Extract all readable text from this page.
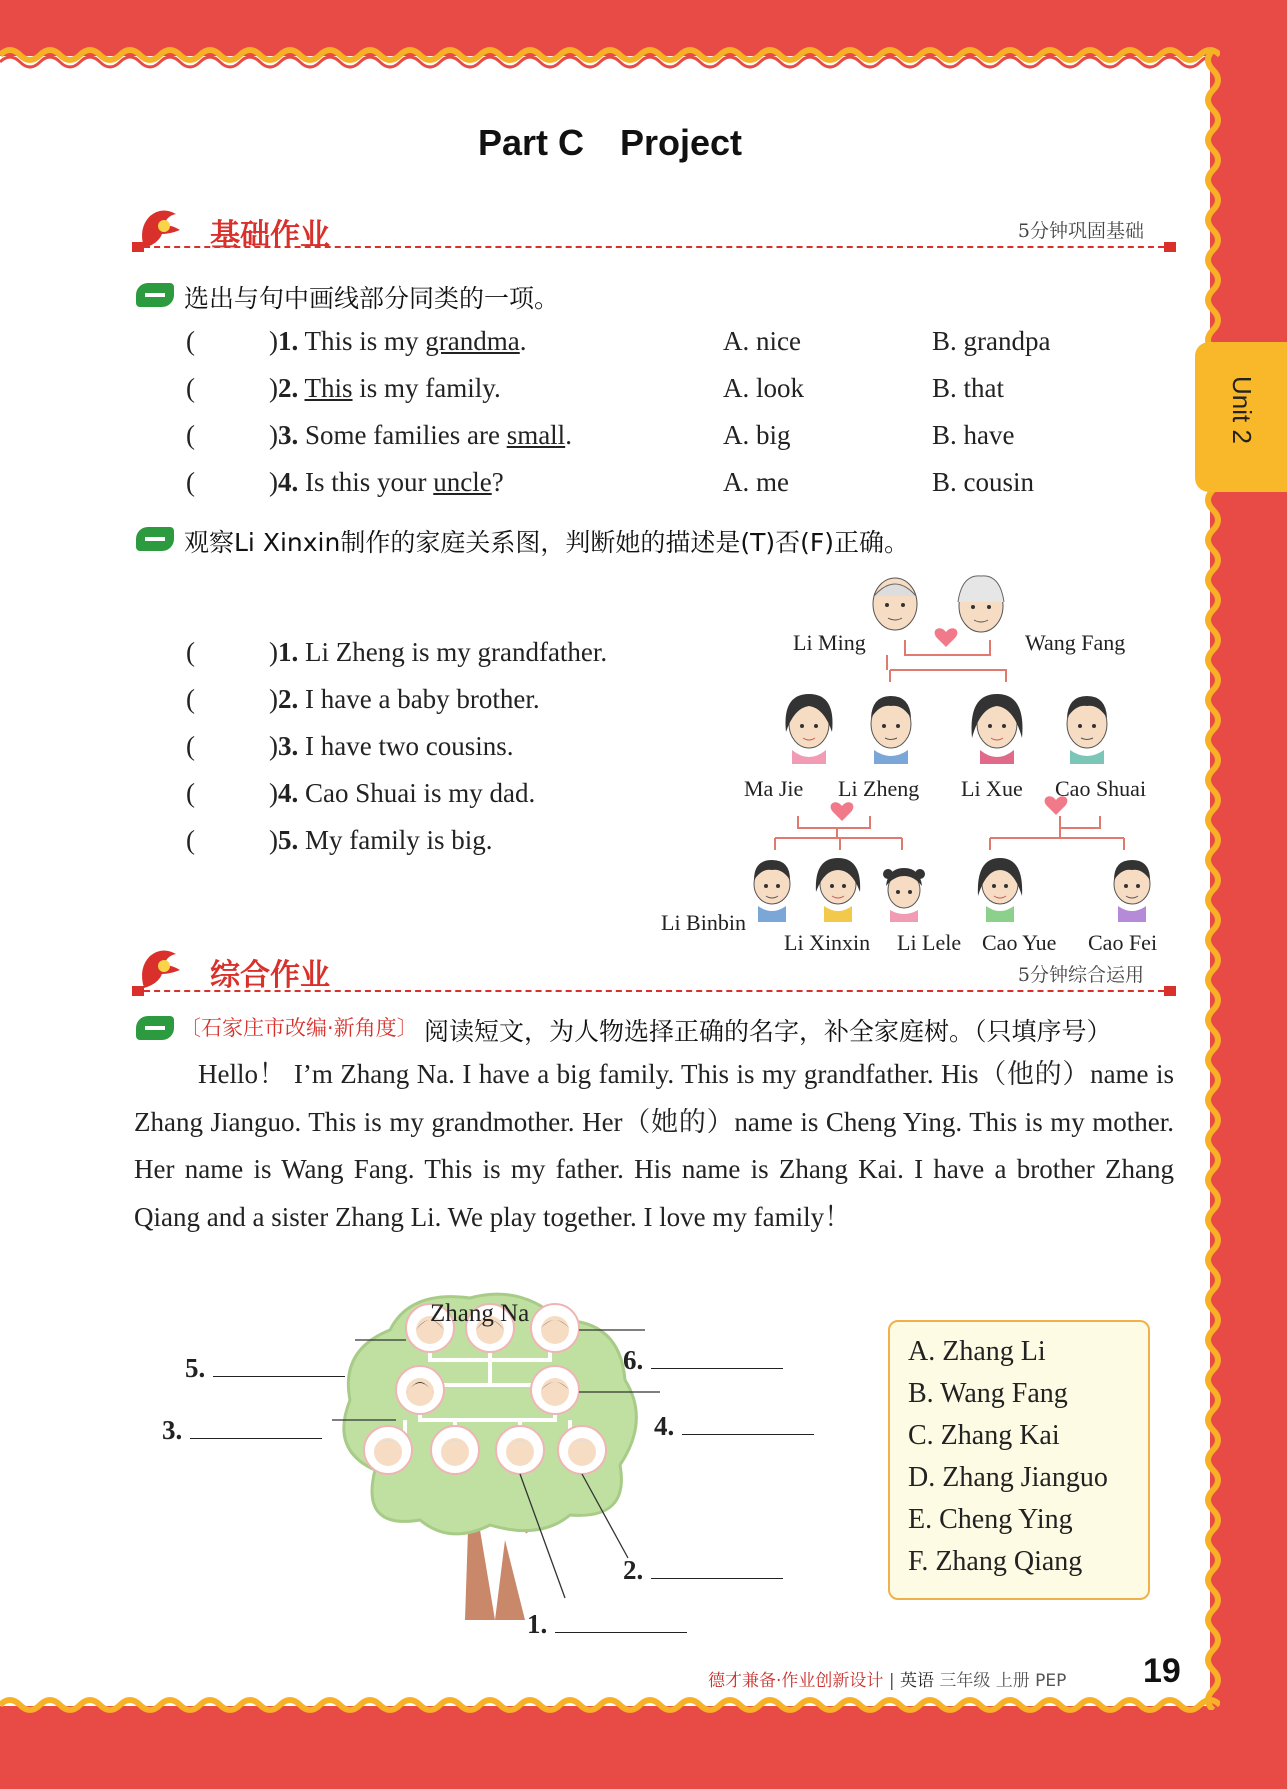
Unit 2
Part C Project
基础作业	5分钟巩固基础
选出与句中画线部分同类的一项。
(	)1. This is my grandma.	A. nice	B. grandpa
(	)2. This is my family.	A. look	B. that
(	)3. Some families are small.	A. big	B. have
(	)4. Is this your uncle?	A. me	B. cousin
观察Li Xinxin制作的家庭关系图，判断她的描述是(T)否(F)正确。
(	)1. Li Zheng is my grandfather.
(	)2. I have a baby brother.
(	)3. I have two cousins.
(	)4. Cao Shuai is my dad.
(	)5. My family is big.
Li Ming	Wang Fang
Ma Jie Li Zheng Li Xue Cao Shuai
Li Binbin
Li Xinxin Li Lele Cao Yue Cao Fei
综合作业	5分钟综合运用
〔石家庄市改编·新角度〕 阅读短文，为人物选择正确的名字，补全家庭树。（只填序号）
Hello！ I’m Zhang Na. I have a big family. This is my grandfather. His（他的）name is Zhang Jianguo. This is my grandmother. Her（她的）name is Cheng Ying. This is my mother. Her name is Wang Fang. This is my father. His name is Zhang Kai. I have a brother Zhang Qiang and a sister Zhang Li. We play together. I love my family！
Zhang Na
5.
3.
6.
4.
2.
1.
A. Zhang Li
B. Wang Fang
C. Zhang Kai
D. Zhang Jianguo
E. Cheng Ying
F. Zhang Qiang
德才兼备·作业创新设计 | 英语 三年级 上册 PEP 19
